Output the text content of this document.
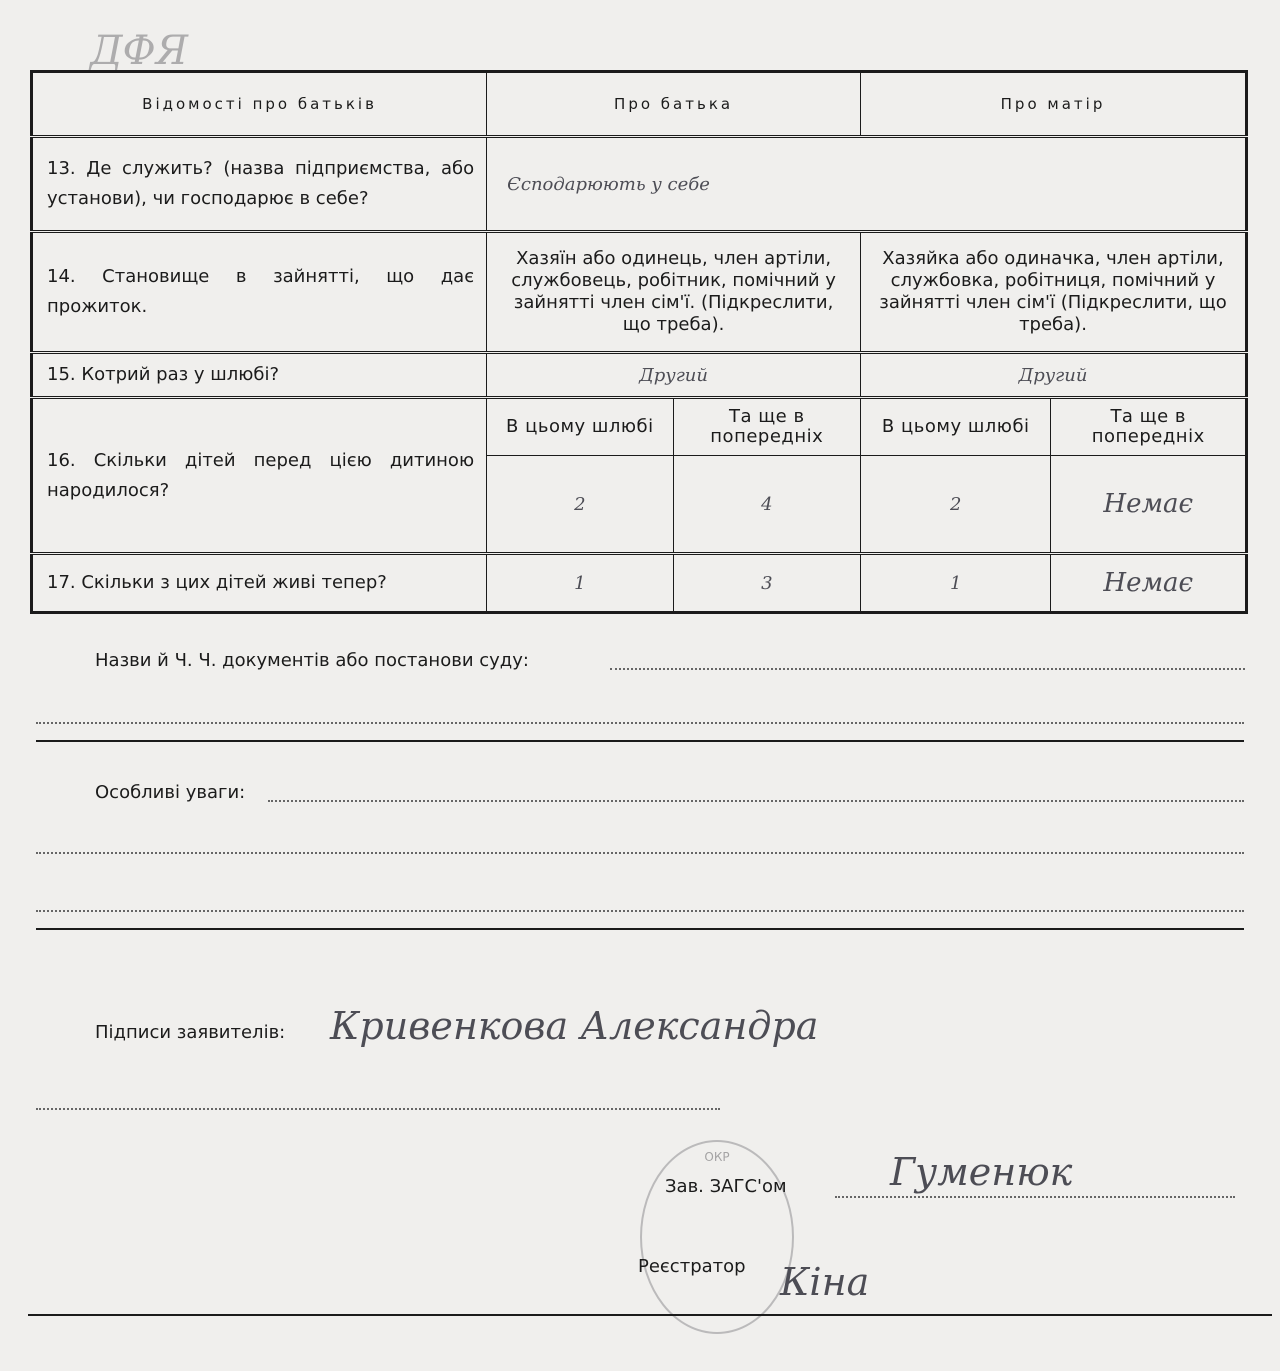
ДФЯ
Відомості про батьків	Про батька		Про матір	
13. Де служить? (назва підприємства, або установи), чи господарює в себе?	Єсподарюють у себе			
14. Становище в зайнятті, що дає прожиток.	Хазяїн або одинець, член артіли, службовець, робітник, помічний у зайнятті член сім'ї. (Підкреслити, що треба).		Хазяйка або одиначка, член артіли, службовка, робітниця, помічний у зайнятті член сім'ї (Підкреслити, що треба).	
15. Котрий раз у шлюбі?	Другий		Другий	
16. Скільки дітей перед цією дитиною народилося?	В цьому шлюбі	Та ще в попередніх	В цьому шлюбі	Та ще в попередніх
	2	4	2	Немає
17. Скільки з цих дітей живі тепер?	1	3	1	Немає
Назви й Ч. Ч. документів або постанови суду:
Особливі уваги:
Підписи заявителів: Кривенкова Александра
ОКР
Зав. ЗАГС'ом	Гуменюк
Реєстратор Кіна
